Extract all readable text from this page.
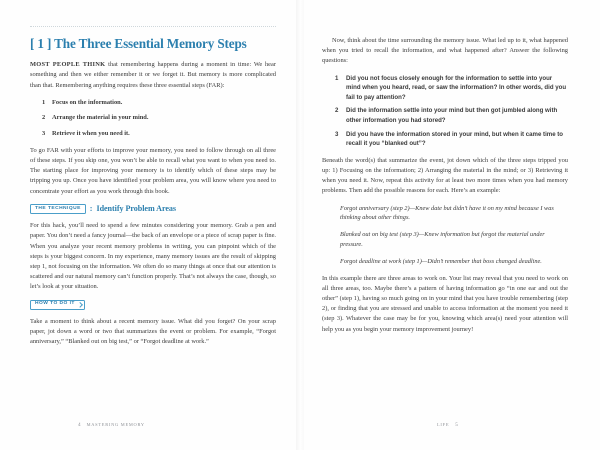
[ 1 ] The Three Essential Memory Steps

MOST PEOPLE THINK that remembering happens during a moment in time: We hear something and then we either remember it or we forget it. But memory is more complicated than that. Remembering anything requires these three essential steps (FAR):

Focus on the information.
Arrange the material in your mind.
Retrieve it when you need it.

To go FAR with your efforts to improve your memory, you need to follow through on all three of these steps. If you skip one, you won’t be able to recall what you want to when you need to. The starting place for improving your memory is to identify which of these steps may be tripping you up. Once you have identified your problem area, you will know where you need to concentrate your effort as you work through this book.

THE TECHNIQUE	: Identify Problem Areas

For this hack, you’ll need to spend a few minutes considering your memory. Grab a pen and paper. You don’t need a fancy journal—the back of an envelope or a piece of scrap paper is fine. When you analyze your recent memory problems in writing, you can pinpoint which of the steps is your biggest concern. In my experience, many memory issues are the result of skipping step 1, not focusing on the information. We often do so many things at once that our attention is scattered and our natural memory can’t function properly. That’s not always the case, though, so let’s look at your situation.

HOW TO DO IT

Take a moment to think about a recent memory issue. What did you forget? On your scrap paper, jot down a word or two that summarizes the event or problem. For example, “Forgot anniversary,” “Blanked out on big test,” or “Forgot deadline at work.”

Now, think about the time surrounding the memory issue. What led up to it, what happened when you tried to recall the information, and what happened after? Answer the following questions:

Did you not focus closely enough for the information to settle into your mind when you heard, read, or saw the information? In other words, did you fail to pay attention?
Did the information settle into your mind but then got jumbled along with other information you had stored?
Did you have the information stored in your mind, but when it came time to recall it you “blanked out”?

Beneath the word(s) that summarize the event, jot down which of the three steps tripped you up: 1) Focusing on the information; 2) Arranging the material in the mind; or 3) Retrieving it when you need it. Now, repeat this activity for at least two more times when you had memory problems. Then add the possible reasons for each. Here’s an example:

Forgot anniversary (step 2)—Knew date but didn’t have it on my mind because I was thinking about other things.

Blanked out on big test (step 3)—Knew information but forgot the material under pressure.

Forgot deadline at work (step 1)—Didn’t remember that boss changed deadline.

In this example there are three areas to work on. Your list may reveal that you need to work on all three areas, too. Maybe there’s a pattern of having information go “in one ear and out the other” (step 1), having so much going on in your mind that you have trouble remembering (step 2), or finding that you are stressed and unable to access information at the moment you need it (step 3). Whatever the case may be for you, knowing which area(s) need your attention will help you as you begin your memory improvement journey!

4 MASTERING MEMORY	LIFE 5
